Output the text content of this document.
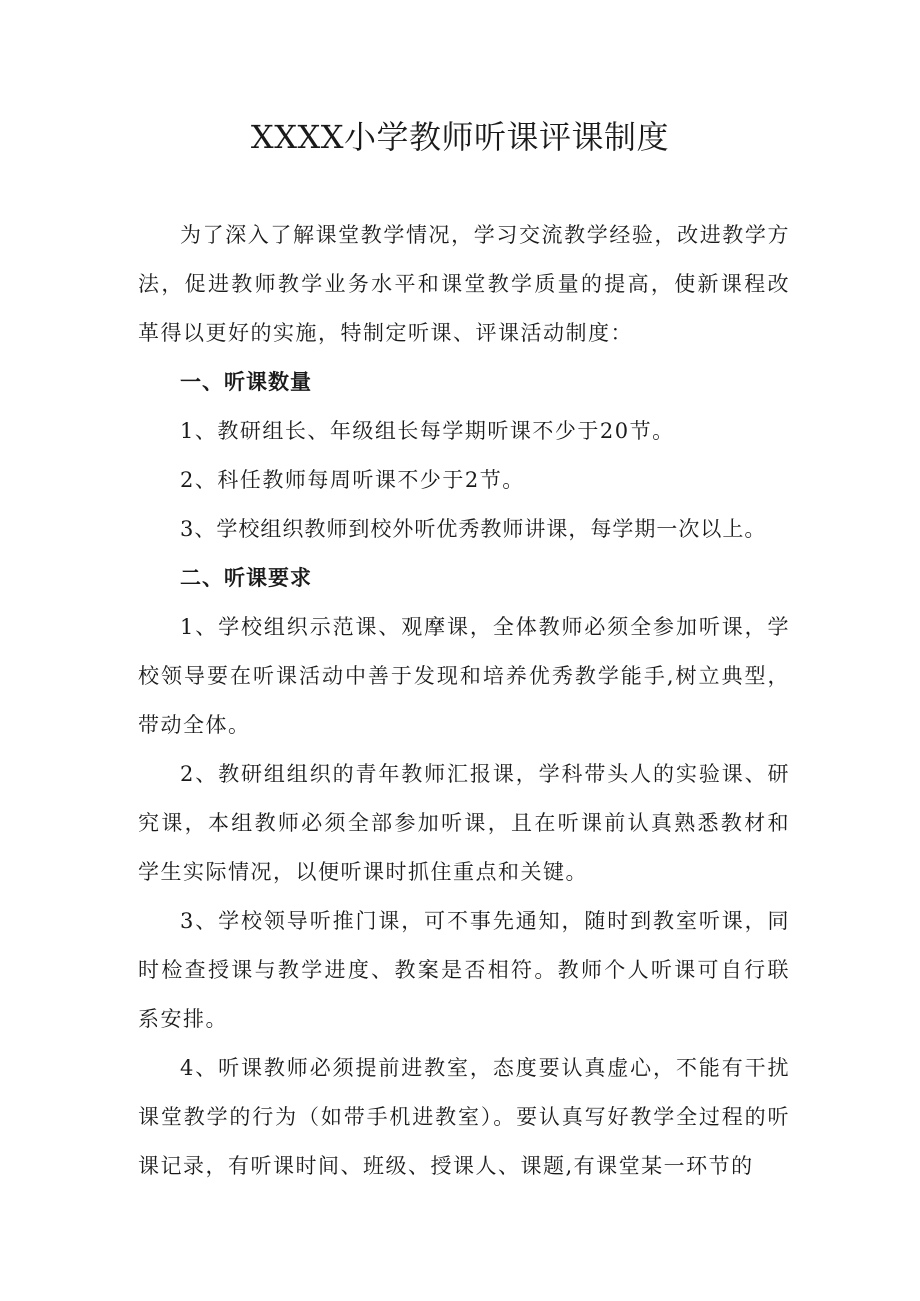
XXXX小学教师听课评课制度

为了深入了解课堂教学情况，学习交流教学经验，改进教学方法，促进教师教学业务水平和课堂教学质量的提高，使新课程改革得以更好的实施，特制定听课、评课活动制度：

一、听课数量

1、教研组长、年级组长每学期听课不少于20节。

2、科任教师每周听课不少于2节。

3、学校组织教师到校外听优秀教师讲课，每学期一次以上。

二、听课要求

1、学校组织示范课、观摩课，全体教师必须全参加听课，学校领导要在听课活动中善于发现和培养优秀教学能手,树立典型，带动全体。

2、教研组组织的青年教师汇报课，学科带头人的实验课、研究课，本组教师必须全部参加听课，且在听课前认真熟悉教材和学生实际情况，以便听课时抓住重点和关键。

3、学校领导听推门课，可不事先通知，随时到教室听课，同时检查授课与教学进度、教案是否相符。教师个人听课可自行联系安排。

4、听课教师必须提前进教室，态度要认真虚心，不能有干扰课堂教学的行为（如带手机进教室）。要认真写好教学全过程的听课记录，有听课时间、班级、授课人、课题,有课堂某一环节的
